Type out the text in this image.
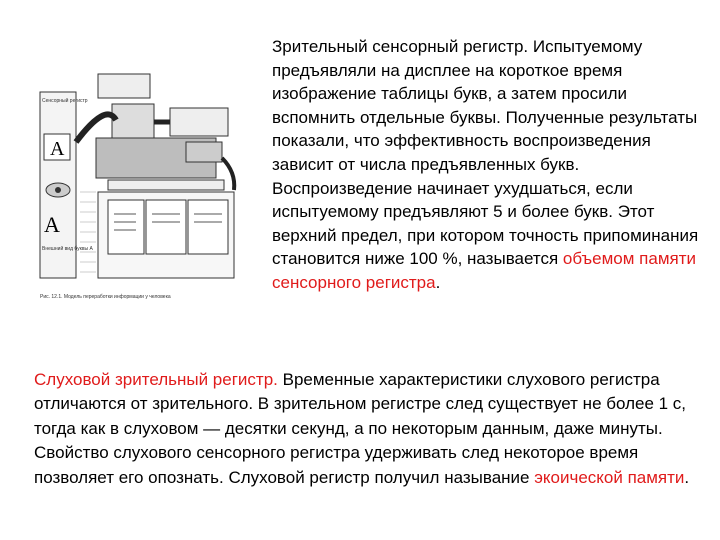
Сенсорный регистр
A
A
Внешний вид буквы A
Рис. 12.1. Модель переработки информации у человека
Зрительный сенсорный регистр. Испытуемому предъявляли на дисплее на короткое время изображение таблицы букв, а затем просили вспомнить отдельные буквы. Полученные результаты показали, что эффективность воспроизведения зависит от числа предъявленных букв. Воспроизведение начинает ухудшаться, если испытуемому предъявляют 5 и более букв. Этот верхний предел, при котором точность припоминания становится ниже 100 %, называется объемом памяти сенсорного регистра.
Слуховой зрительный регистр. Временные характеристики слухового регистра отличаются от зрительного. В зрительном регистре след существует не более 1 с, тогда как в слуховом — десятки секунд, а по некоторым данным, даже минуты. Свойство слухового сенсорного регистра удерживать след некоторое время позволяет его опознать. Слуховой регистр получил называние экоической памяти.
